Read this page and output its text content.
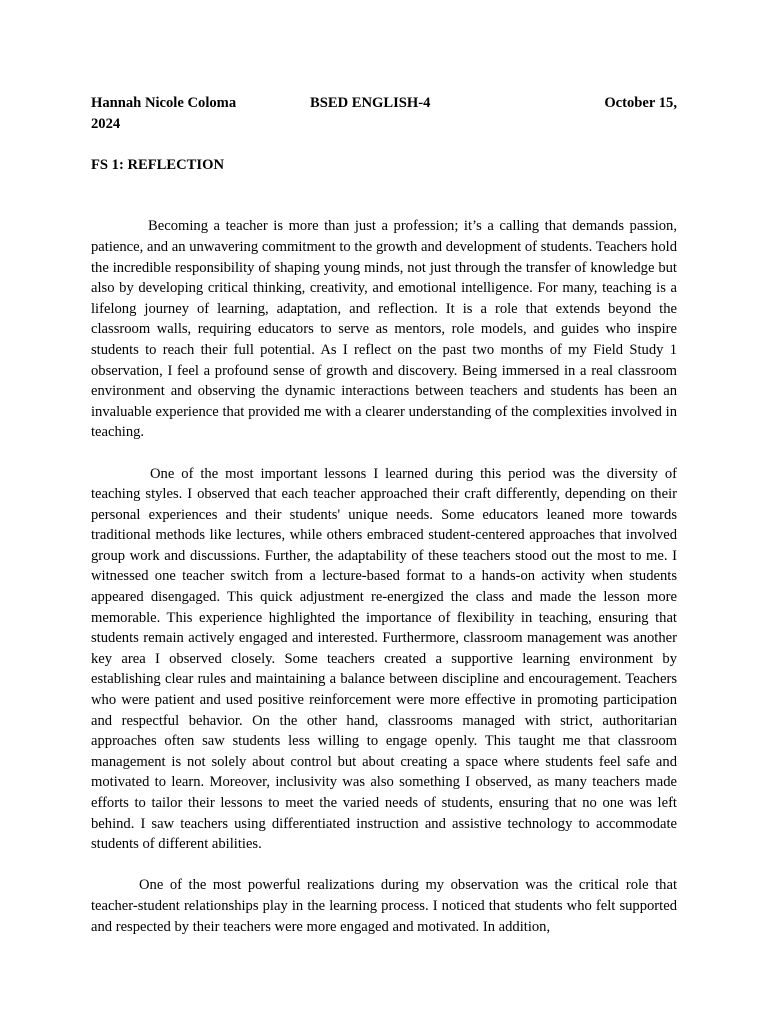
Hannah Nicole Coloma	BSED ENGLISH-4	October 15,
2024
FS 1: REFLECTION

Becoming a teacher is more than just a profession; it’s a calling that demands passion, patience, and an unwavering commitment to the growth and development of students. Teachers hold the incredible responsibility of shaping young minds, not just through the transfer of knowledge but also by developing critical thinking, creativity, and emotional intelligence. For many, teaching is a lifelong journey of learning, adaptation, and reflection. It is a role that extends beyond the classroom walls, requiring educators to serve as mentors, role models, and guides who inspire students to reach their full potential. As I reflect on the past two months of my Field Study 1 observation, I feel a profound sense of growth and discovery. Being immersed in a real classroom environment and observing the dynamic interactions between teachers and students has been an invaluable experience that provided me with a clearer understanding of the complexities involved in teaching.

One of the most important lessons I learned during this period was the diversity of teaching styles. I observed that each teacher approached their craft differently, depending on their personal experiences and their students' unique needs. Some educators leaned more towards traditional methods like lectures, while others embraced student-centered approaches that involved group work and discussions. Further, the adaptability of these teachers stood out the most to me. I witnessed one teacher switch from a lecture-based format to a hands-on activity when students appeared disengaged. This quick adjustment re-energized the class and made the lesson more memorable. This experience highlighted the importance of flexibility in teaching, ensuring that students remain actively engaged and interested. Furthermore, classroom management was another key area I observed closely. Some teachers created a supportive learning environment by establishing clear rules and maintaining a balance between discipline and encouragement. Teachers who were patient and used positive reinforcement were more effective in promoting participation and respectful behavior. On the other hand, classrooms managed with strict, authoritarian approaches often saw students less willing to engage openly. This taught me that classroom management is not solely about control but about creating a space where students feel safe and motivated to learn. Moreover, inclusivity was also something I observed, as many teachers made efforts to tailor their lessons to meet the varied needs of students, ensuring that no one was left behind. I saw teachers using differentiated instruction and assistive technology to accommodate students of different abilities.

One of the most powerful realizations during my observation was the critical role that teacher-student relationships play in the learning process. I noticed that students who felt supported and respected by their teachers were more engaged and motivated. In addition,
